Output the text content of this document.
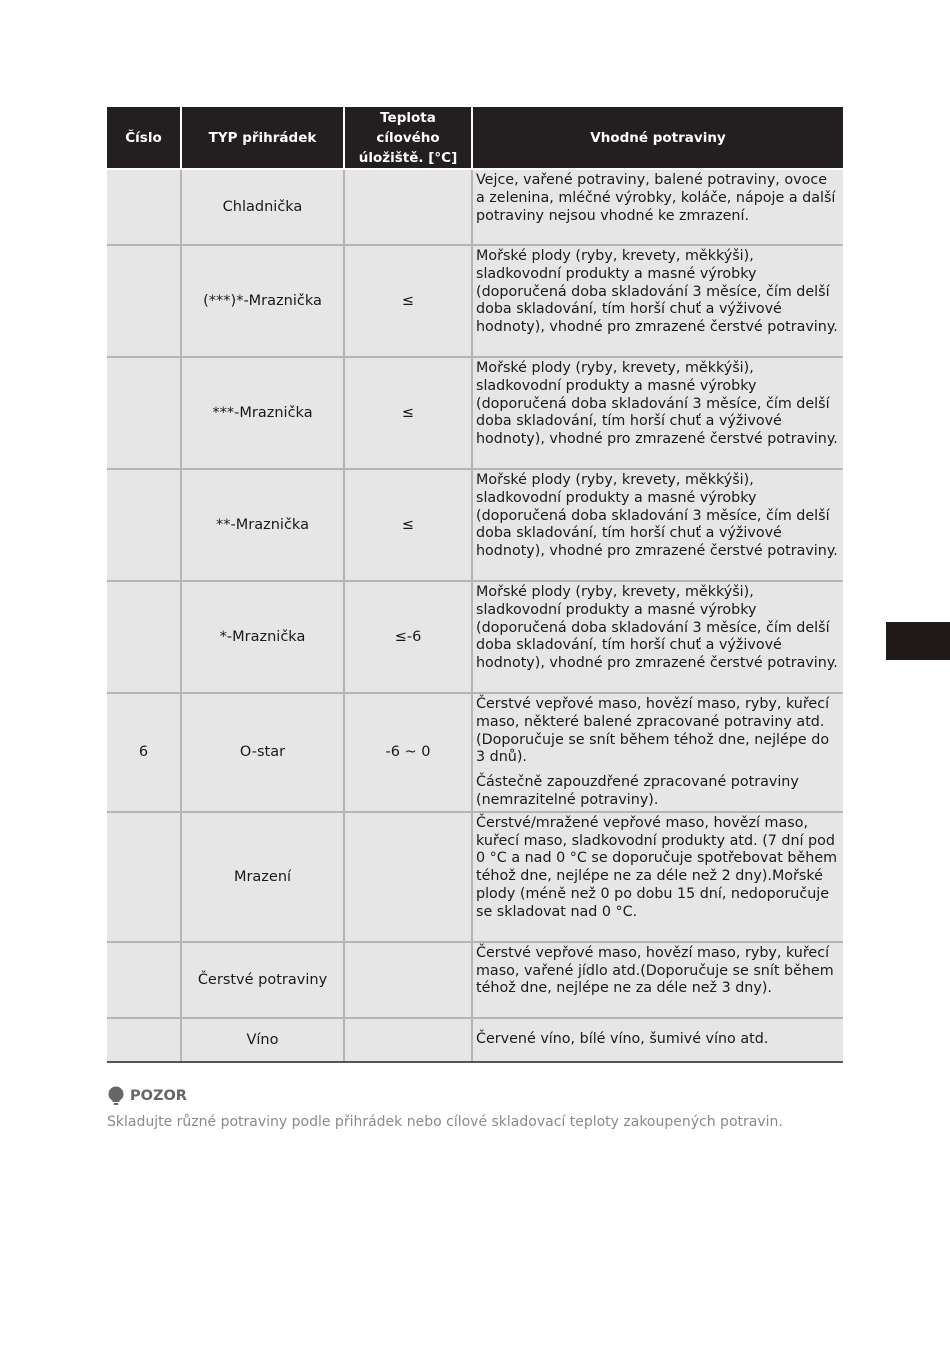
Číslo	TYP přihrádek	Teplota cílového úložiště. [°C]	Vhodné potraviny
	Chladnička		Vejce, vařené potraviny, balené potraviny, ovoce a zelenina, mléčné výrobky, koláče, nápoje a další potraviny nejsou vhodné ke zmrazení.

	(***)*-Mraznička	≤	Mořské plody (ryby, krevety, měkkýši), sladkovodní produkty a masné výrobky (doporučená doba skladování 3 měsíce, čím delší doba skladování, tím horší chuť a výživové hodnoty), vhodné pro zmrazené čerstvé potraviny.

	***-Mraznička	≤	Mořské plody (ryby, krevety, měkkýši), sladkovodní produkty a masné výrobky (doporučená doba skladování 3 měsíce, čím delší doba skladování, tím horší chuť a výživové hodnoty), vhodné pro zmrazené čerstvé potraviny.

	**-Mraznička	≤	Mořské plody (ryby, krevety, měkkýši), sladkovodní produkty a masné výrobky (doporučená doba skladování 3 měsíce, čím delší doba skladování, tím horší chuť a výživové hodnoty), vhodné pro zmrazené čerstvé potraviny.

	*-Mraznička	≤-6	Mořské plody (ryby, krevety, měkkýši), sladkovodní produkty a masné výrobky (doporučená doba skladování 3 měsíce, čím delší doba skladování, tím horší chuť a výživové hodnoty), vhodné pro zmrazené čerstvé potraviny.

6	O-star	-6 ~ 0	Čerstvé vepřové maso, hovězí maso, ryby, kuřecí maso, některé balené zpracované potraviny atd. (Doporučuje se snít během téhož dne, nejlépe do 3 dnů).
Částečně zapouzdřené zpracované potraviny (nemrazitelné potraviny).

	Mrazení		Čerstvé/mražené vepřové maso, hovězí maso, kuřecí maso, sladkovodní produkty atd. (7 dní pod 0 °C a nad 0 °C se doporučuje spotřebovat během téhož dne, nejlépe ne za déle než 2 dny).Mořské plody (méně než 0 po dobu 15 dní, nedoporučuje se skladovat nad 0 °C.

	Čerstvé potraviny		Čerstvé vepřové maso, hovězí maso, ryby, kuřecí maso, vařené jídlo atd.(Doporučuje se snít během téhož dne, nejlépe ne za déle než 3 dny).

	Víno		Červené víno, bílé víno, šumivé víno atd.
POZOR
Skladujte různé potraviny podle přihrádek nebo cílové skladovací teploty zakoupených potravin.
